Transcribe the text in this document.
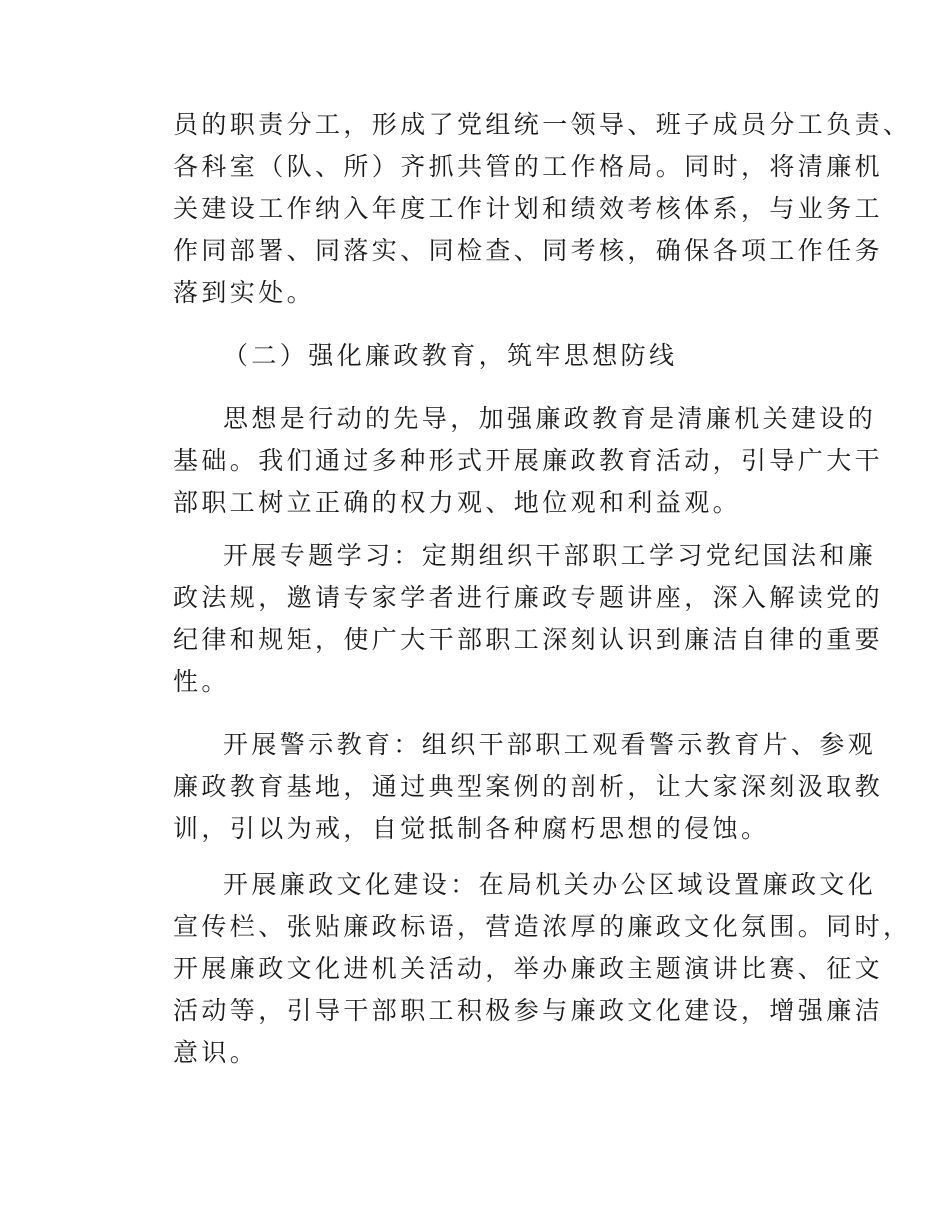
员的职责分工，形成了党组统一领导、班子成员分工负责、
各科室（队、所）齐抓共管的工作格局。同时，将清廉机
关建设工作纳入年度工作计划和绩效考核体系，与业务工
作同部署、同落实、同检查、同考核，确保各项工作任务
落到实处。
（二）强化廉政教育，筑牢思想防线
思想是行动的先导，加强廉政教育是清廉机关建设的
基础。我们通过多种形式开展廉政教育活动，引导广大干
部职工树立正确的权力观、地位观和利益观。
开展专题学习：定期组织干部职工学习党纪国法和廉
政法规，邀请专家学者进行廉政专题讲座，深入解读党的
纪律和规矩，使广大干部职工深刻认识到廉洁自律的重要
性。
开展警示教育：组织干部职工观看警示教育片、参观
廉政教育基地，通过典型案例的剖析，让大家深刻汲取教
训，引以为戒，自觉抵制各种腐朽思想的侵蚀。
开展廉政文化建设：在局机关办公区域设置廉政文化
宣传栏、张贴廉政标语，营造浓厚的廉政文化氛围。同时，
开展廉政文化进机关活动，举办廉政主题演讲比赛、征文
活动等，引导干部职工积极参与廉政文化建设，增强廉洁
意识。
